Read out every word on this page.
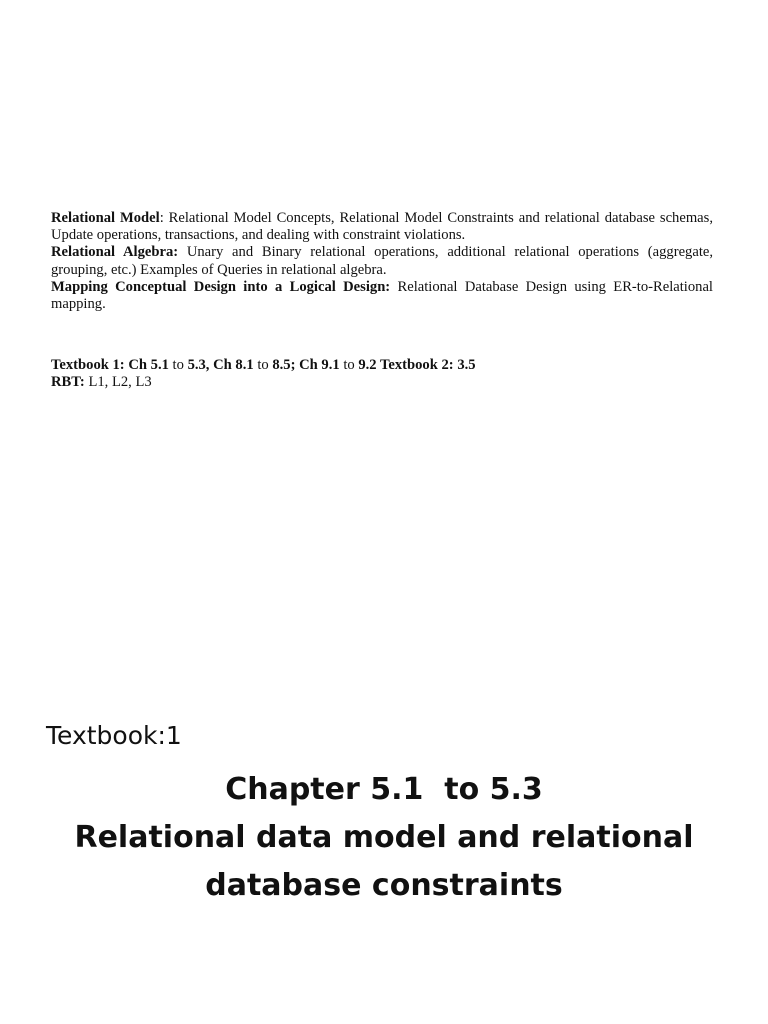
Relational Model: Relational Model Concepts, Relational Model Constraints and relational database schemas, Update operations, transactions, and dealing with constraint violations.

Relational Algebra: Unary and Binary relational operations, additional relational operations (aggregate, grouping, etc.) Examples of Queries in relational algebra.

Mapping Conceptual Design into a Logical Design: Relational Database Design using ER-to-Relational mapping.

Textbook 1: Ch 5.1 to 5.3, Ch 8.1 to 8.5; Ch 9.1 to 9.2 Textbook 2: 3.5
RBT: L1, L2, L3
Textbook:1
Chapter 5.1  to 5.3
Relational data model and relational
database constraints
